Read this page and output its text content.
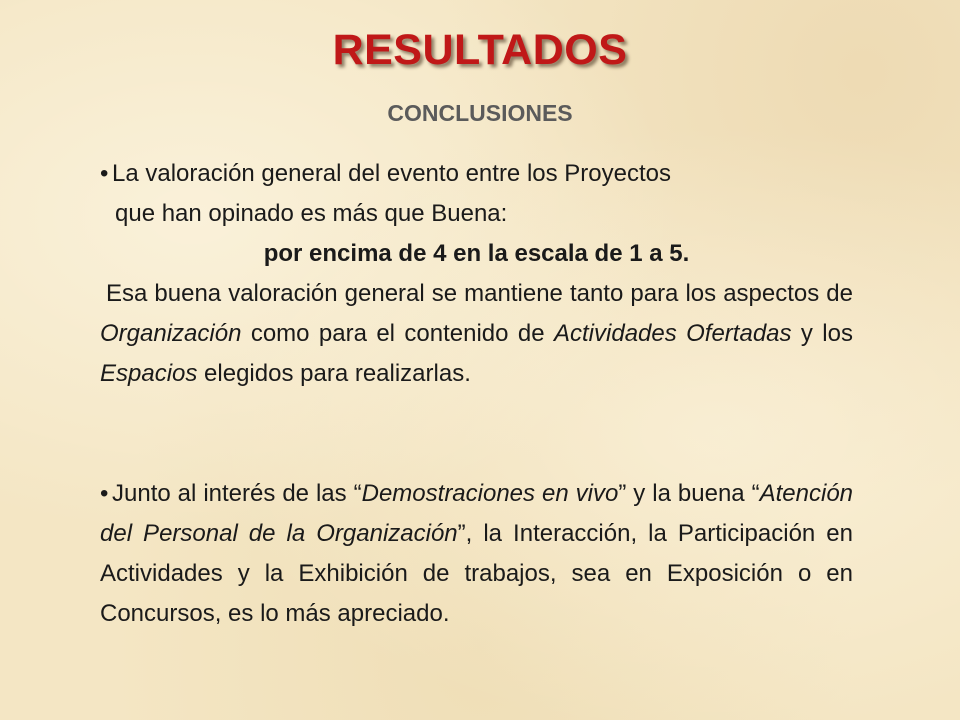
RESULTADOS
CONCLUSIONES
• La valoración general del evento entre los Proyectos
que han opinado es más que Buena:
por encima de 4 en la escala de 1 a 5.
Esa buena valoración general se mantiene tanto para los aspectos de Organización como para el contenido de Actividades Ofertadas y los Espacios elegidos para realizarlas.
• Junto al interés de las “Demostraciones en vivo” y la buena “Atención del Personal de la Organización”, la Interacción, la Participación en Actividades y la Exhibición de trabajos, sea en Exposición o en Concursos, es lo más apreciado.
